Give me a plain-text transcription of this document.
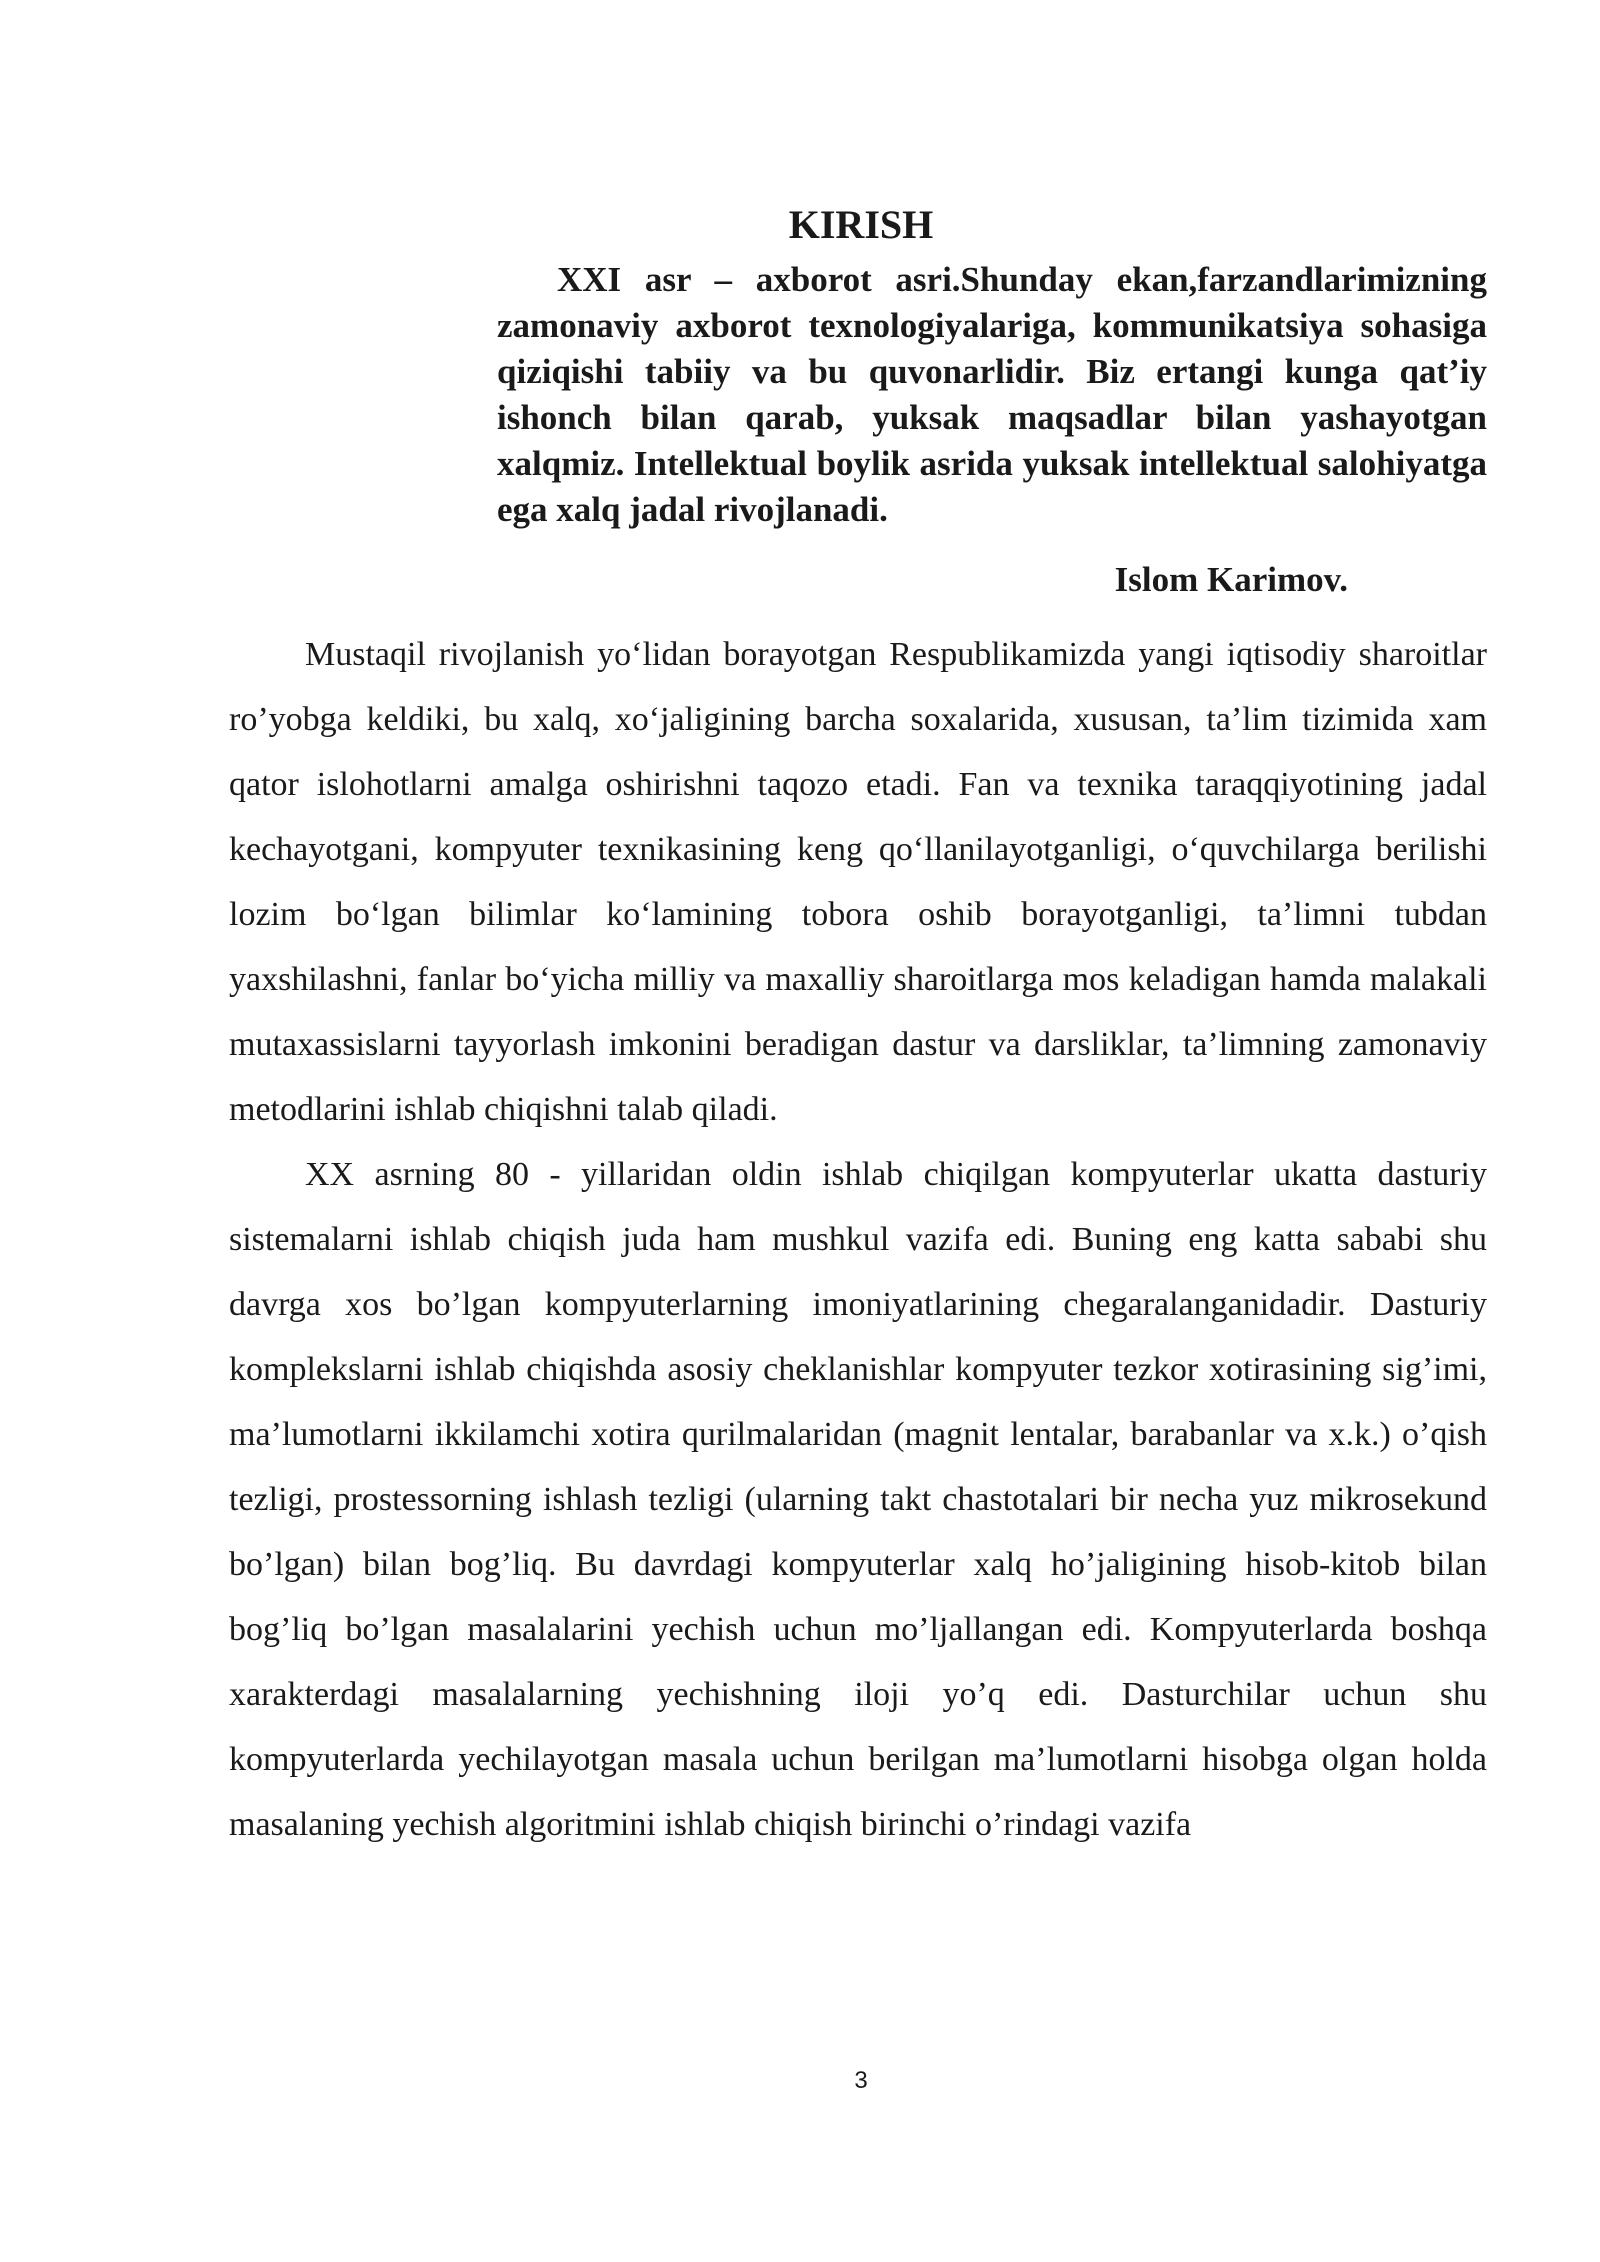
KIRISH

XXI asr – axborot asri.Shunday ekan,farzandlarimizning zamonaviy axborot texnologiyalariga, kommunikatsiya sohasiga qiziqishi tabiiy va bu quvonarlidir. Biz ertangi kunga qat’iy ishonch bilan qarab, yuksak maqsadlar bilan yashayotgan xalqmiz. Intellektual boylik asrida yuksak intellektual salohiyatga ega xalq jadal rivojlanadi.

Islom Karimov.

Mustaqil rivojlanish yo‘lidan borayotgan Respublikamizda yangi iqtisodiy sharoitlar ro’yobga keldiki, bu xalq, xo‘jaligining barcha soxalarida, xususan, ta’lim tizimida xam qator islohotlarni amalga oshirishni taqozo etadi. Fan va texnika taraqqiyotining jadal kechayotgani, kompyuter texnikasining keng qo‘llanilayotganligi, o‘quvchilarga berilishi lozim bo‘lgan bilimlar ko‘lamining tobora oshib borayotganligi, ta’limni tubdan yaxshilashni, fanlar bo‘yicha milliy va maxalliy sharoitlarga mos keladigan hamda malakali mutaxassislarni tayyorlash imkonini beradigan dastur va darsliklar, ta’limning zamonaviy metodlarini ishlab chiqishni talab qiladi.

XX asrning 80 - yillaridan oldin ishlab chiqilgan kompyuterlar ukatta dasturiy sistemalarni ishlab chiqish juda ham mushkul vazifa edi. Buning eng katta sababi shu davrga xos bo’lgan kompyuterlarning imoniyatlarining chegaralanganidadir. Dasturiy komplekslarni ishlab chiqishda asosiy cheklanishlar kompyuter tezkor xotirasining sig’imi, ma’lumotlarni ikkilamchi xotira qurilmalaridan (magnit lentalar, barabanlar va x.k.) o’qish tezligi, prostessorning ishlash tezligi (ularning takt chastotalari bir necha yuz mikrosekund bo’lgan) bilan bog’liq. Bu davrdagi kompyuterlar xalq ho’jaligining hisob-kitob bilan bog’liq bo’lgan masalalarini yechish uchun mo’ljallangan edi. Kompyuterlarda boshqa xarakterdagi masalalarning yechishning iloji yo’q edi. Dasturchilar uchun shu kompyuterlarda yechilayotgan masala uchun berilgan ma’lumotlarni hisobga olgan holda masalaning yechish algoritmini ishlab chiqish birinchi o’rindagi vazifa

3
